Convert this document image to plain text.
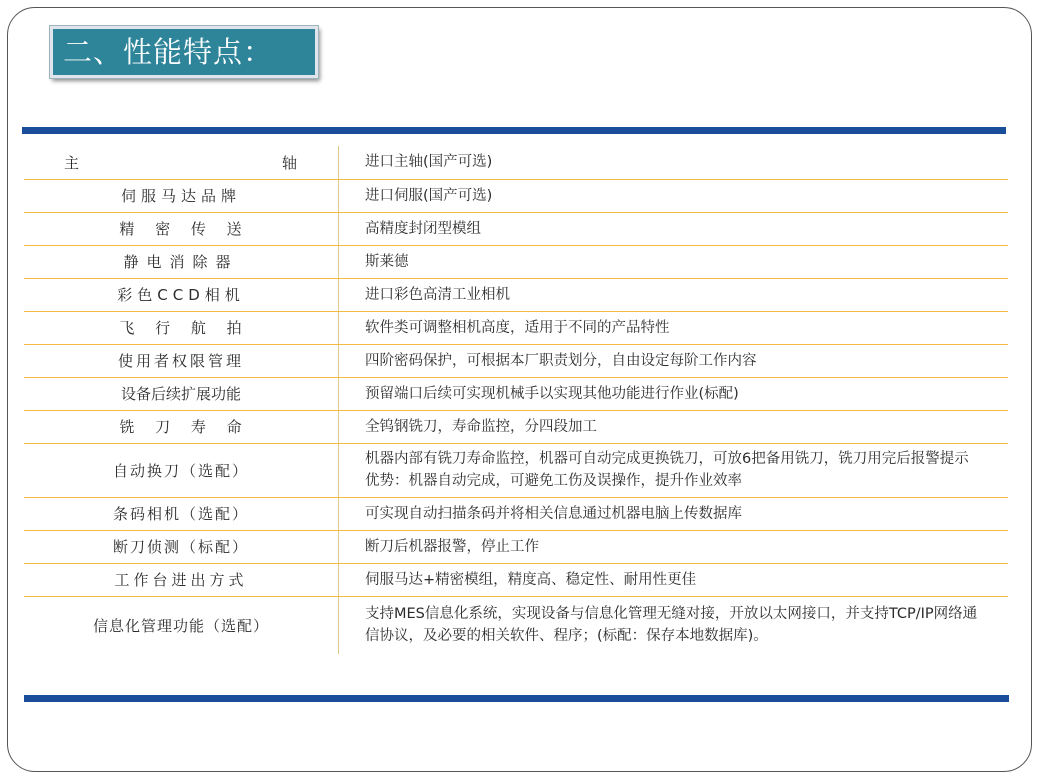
二、性能特点：
主　轴	进口主轴(国产可选)
伺服马达品牌	进口伺服(国产可选)
精 密 传 送	高精度封闭型模组
静电消除器	斯莱德
彩色CCD相机	进口彩色高清工业相机
飞 行 航 拍	软件类可调整相机高度，适用于不同的产品特性
使用者权限管理	四阶密码保护，可根据本厂职责划分，自由设定每阶工作内容
设备后续扩展功能	预留端口后续可实现机械手以实现其他功能进行作业(标配)
铣 刀 寿 命	全钨钢铣刀，寿命监控，分四段加工
自动换刀（选配）	机器内部有铣刀寿命监控，机器可自动完成更换铣刀，可放6把备用铣刀，铣刀用完后报警提示
优势：机器自动完成，可避免工伤及误操作，提升作业效率

条码相机（选配）	可实现自动扫描条码并将相关信息通过机器电脑上传数据库
断刀侦测（标配）	断刀后机器报警，停止工作
工作台进出方式	伺服马达+精密模组，精度高、稳定性、耐用性更佳
信息化管理功能（选配）	支持MES信息化系统，实现设备与信息化管理无缝对接，开放以太网接口，并支持TCP/IP网络通
信协议，及必要的相关软件、程序；(标配：保存本地数据库)。
